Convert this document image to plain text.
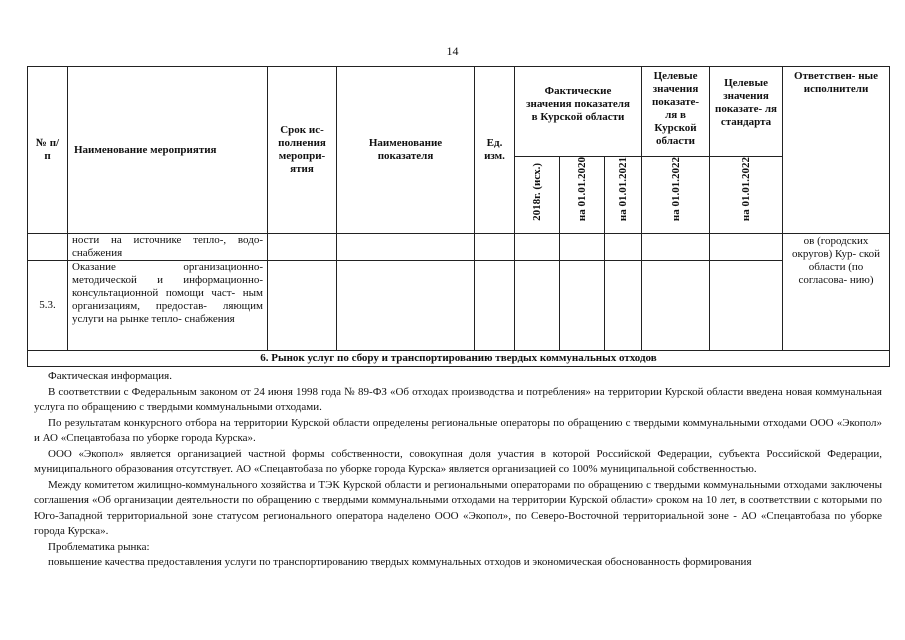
14
№ п/п	Наименование мероприятия	Срок ис- полнения меропри- ятия	Наименование показателя	Ед. изм.	Фактические значения показателя в Курской области			Целевые значения показате- ля в Курской области	Целевые значения показате- ля стандарта	Ответствен- ные исполнители
					2018г. (исх.)	на 01.01.2020	на 01.01.2021	на 01.01.2022	на 01.01.2022	
	ности на источнике тепло-, водо- снабжения									ов (городских округов) Кур- ской области (по согласова- нию)
5.3.	Оказание организационно- методической и информационно- консультационной помощи част- ным организациям, предостав- ляющим услуги на рынке тепло- снабжения									
6. Рынок услуг по сбору и транспортированию твердых коммунальных отходов										

Фактическая информация.

В соответствии с Федеральным законом от 24 июня 1998 года № 89-ФЗ «Об отходах производства и потребления» на территории Курской области введена новая коммунальная услуга по обращению с твердыми коммунальными отходами.

По результатам конкурсного отбора на территории Курской области определены региональные операторы по обращению с твердыми коммунальными отходами ООО «Экопол» и АО «Спецавтобаза по уборке города Курска».

ООО «Экопол» является организацией частной формы собственности, совокупная доля участия в которой Российской Федерации, субъекта Российской Федерации, муниципального образования отсутствует. АО «Спецавтобаза по уборке города Курска» является организацией со 100% муниципальной собственностью.

Между комитетом жилищно-коммунального хозяйства и ТЭК Курской области и региональными операторами по обращению с твердыми коммунальными отходами заключены соглашения «Об организации деятельности по обращению с твердыми коммунальными отходами на территории Курской области» сроком на 10 лет, в соответствии с которыми по Юго-Западной территориальной зоне статусом регионального оператора наделено ООО «Экопол», по Северо-Восточной территориальной зоне - АО «Спецавтобаза по уборке города Курска».

Проблематика рынка:

повышение качества предоставления услуги по транспортированию твердых коммунальных отходов и экономическая обоснованность формирования
